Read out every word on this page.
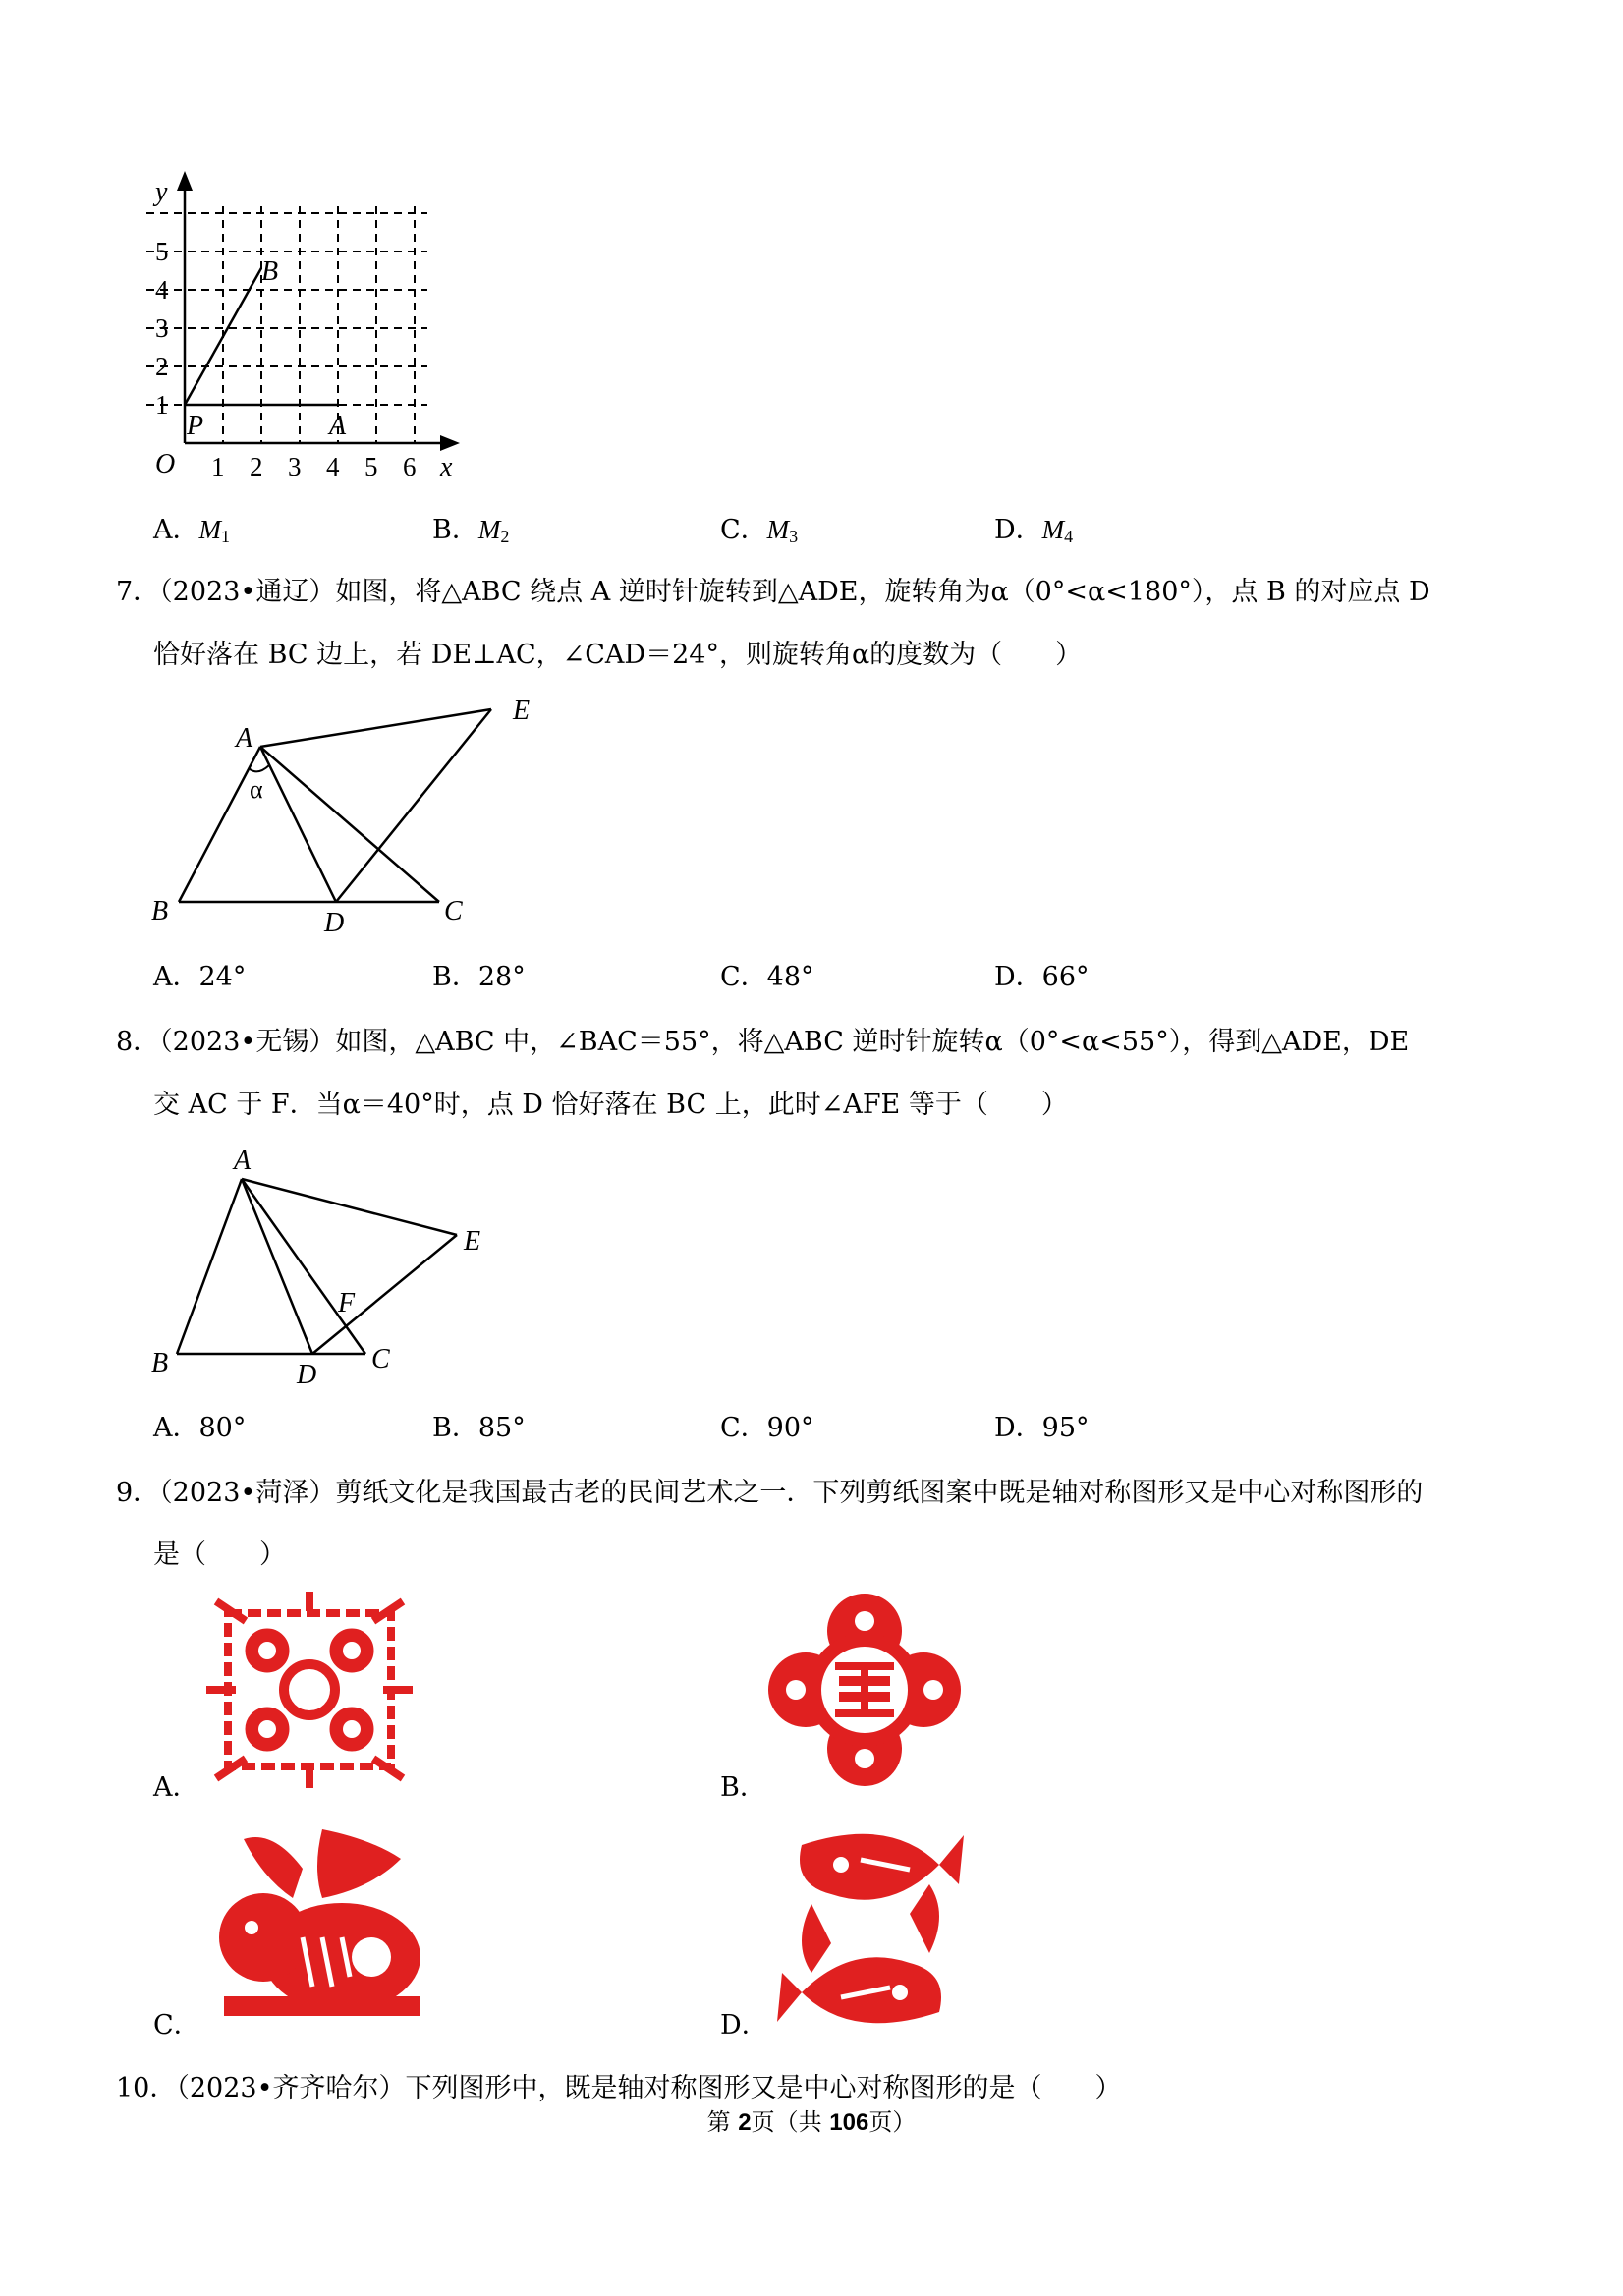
y
x
O
B
A
P
1
2
3
4
5
1 2 3 4 5 6
A．$M_1$	B．$M_2$	C．$M_3$	D．$M_4$
7．（2023•通辽）如图，将△ABC 绕点 A 逆时针旋转到△ADE，旋转角为α（0°<α<180°），点 B 的对应点 D
恰好落在 BC 边上，若 DE⊥AC，∠CAD＝24°，则旋转角α的度数为（　　）
A
B	C
D
E
α
A．24°	B．28°	C．48°	D．66°
8．（2023•无锡）如图，△ABC 中，∠BAC＝55°，将△ABC 逆时针旋转α（0°<α<55°），得到△ADE，DE
交 AC 于 F．当α＝40°时，点 D 恰好落在 BC 上，此时∠AFE 等于（　　）
A
B	C
D
E
F
A．80°	B．85°	C．90°	D．95°
9．（2023•菏泽）剪纸文化是我国最古老的民间艺术之一．下列剪纸图案中既是轴对称图形又是中心对称图形的
是（　　）
A．	B．
C．	D．
10．（2023•齐齐哈尔）下列图形中，既是轴对称图形又是中心对称图形的是（　　）
第 2页（共 106页）
